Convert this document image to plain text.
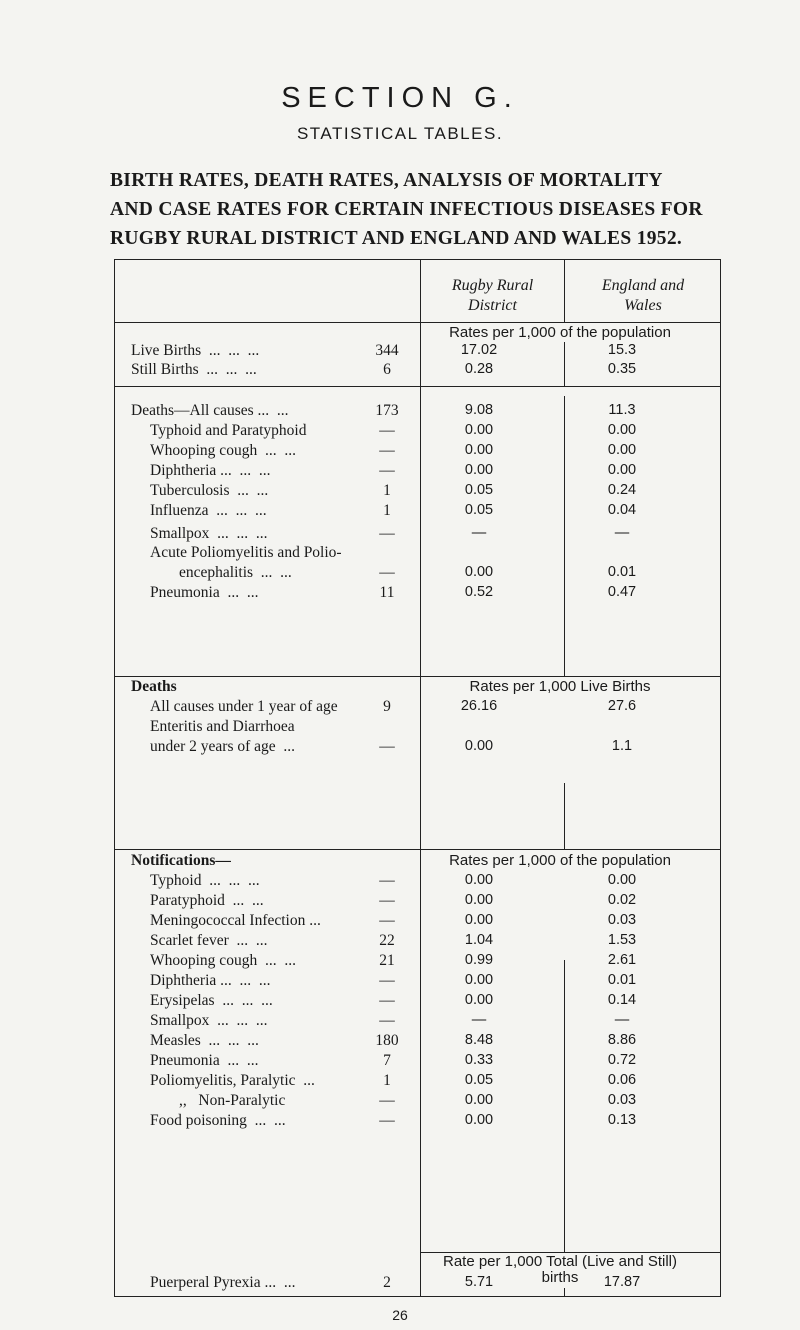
SECTION G.
STATISTICAL TABLES.
BIRTH RATES, DEATH RATES, ANALYSIS OF MORTALITY
AND CASE RATES FOR CERTAIN INFECTIOUS DISEASES FOR
RUGBY RURAL DISTRICT AND ENGLAND AND WALES 1952.
Rugby Rural
District
England and
Wales
Rates per 1,000 of the population
Rates per 1,000 Live Births
Rates per 1,000 of the population
Rate per 1,000 Total (Live and Still)
births
Live Births  ...  ...  ...	344	17.02	15.3
Still Births  ...  ...  ...	6	0.28	0.35
Deaths—All causes ...  ...	173	9.08	11.3
Typhoid and Paratyphoid	—	0.00	0.00
Whooping cough  ...  ...	—	0.00	0.00
Diphtheria ...  ...  ...	—	0.00	0.00
Tuberculosis  ...  ...	1	0.05	0.24
Influenza  ...  ...  ...	1	0.05	0.04
Smallpox  ...  ...  ...	—	—	—
Acute Poliomyelitis and Polio-
encephalitis  ...  ...	—	0.00	0.01
Pneumonia  ...  ...	11	0.52	0.47
Deaths
All causes under 1 year of age	9	26.16	27.6
Enteritis and Diarrhoea
under 2 years of age  ...	—	0.00	1.1
Notifications—
Typhoid  ...  ...  ...	—	0.00	0.00
Paratyphoid  ...  ...	—	0.00	0.02
Meningococcal Infection ...	—	0.00	0.03
Scarlet fever  ...  ...	22	1.04	1.53
Whooping cough  ...  ...	21	0.99	2.61
Diphtheria ...  ...  ...	—	0.00	0.01
Erysipelas  ...  ...  ...	—	0.00	0.14
Smallpox  ...  ...  ...	—	—	—
Measles  ...  ...  ...	180	8.48	8.86
Pneumonia  ...  ...	7	0.33	0.72
Poliomyelitis, Paralytic  ...	1	0.05	0.06
,,   Non-Paralytic	—	0.00	0.03
Food poisoning  ...  ...	—	0.00	0.13
Puerperal Pyrexia ...  ...	2	5.71	17.87
26
